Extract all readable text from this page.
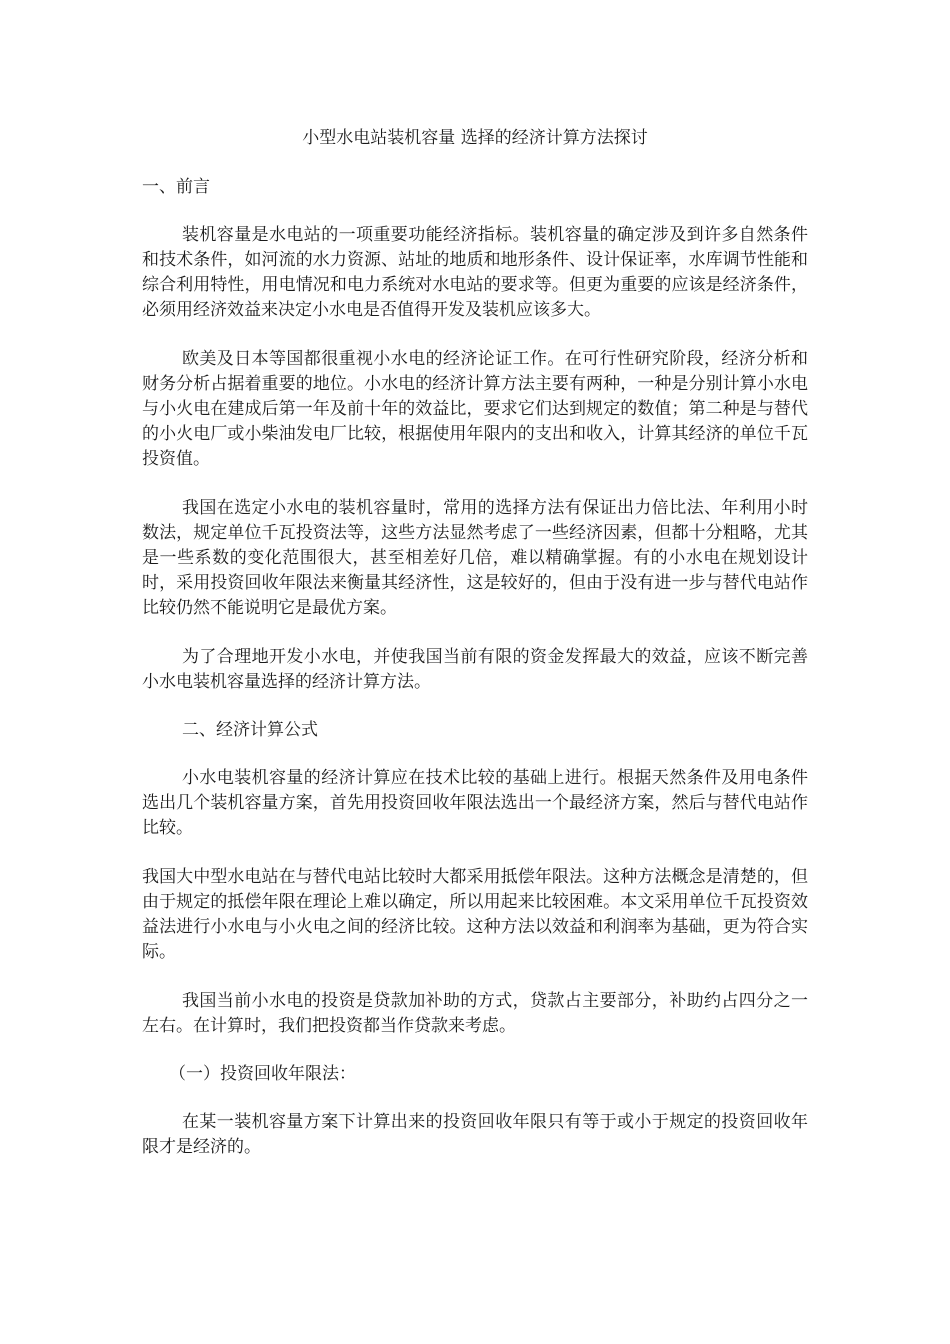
小型水电站装机容量 选择的经济计算方法探讨
一、前言

装机容量是水电站的一项重要功能经济指标。装机容量的确定涉及到许多自然条件和技术条件，如河流的水力资源、站址的地质和地形条件、设计保证率，水库调节性能和综合利用特性，用电情况和电力系统对水电站的要求等。但更为重要的应该是经济条件，必须用经济效益来决定小水电是否值得开发及装机应该多大。

欧美及日本等国都很重视小水电的经济论证工作。在可行性研究阶段，经济分析和财务分析占据着重要的地位。小水电的经济计算方法主要有两种，一种是分别计算小水电与小火电在建成后第一年及前十年的效益比，要求它们达到规定的数值；第二种是与替代的小火电厂或小柴油发电厂比较，根据使用年限内的支出和收入，计算其经济的单位千瓦投资值。

我国在选定小水电的装机容量时，常用的选择方法有保证出力倍比法、年利用小时数法，规定单位千瓦投资法等，这些方法显然考虑了一些经济因素，但都十分粗略，尤其是一些系数的变化范围很大，甚至相差好几倍，难以精确掌握。有的小水电在规划设计时，采用投资回收年限法来衡量其经济性，这是较好的，但由于没有进一步与替代电站作比较仍然不能说明它是最优方案。

为了合理地开发小水电，并使我国当前有限的资金发挥最大的效益，应该不断完善小水电装机容量选择的经济计算方法。

二、经济计算公式

小水电装机容量的经济计算应在技术比较的基础上进行。根据天然条件及用电条件选出几个装机容量方案，首先用投资回收年限法选出一个最经济方案，然后与替代电站作比较。

我国大中型水电站在与替代电站比较时大都采用抵偿年限法。这种方法概念是清楚的，但由于规定的抵偿年限在理论上难以确定，所以用起来比较困难。本文采用单位千瓦投资效益法进行小水电与小火电之间的经济比较。这种方法以效益和利润率为基础，更为符合实际。

我国当前小水电的投资是贷款加补助的方式，贷款占主要部分，补助约占四分之一左右。在计算时，我们把投资都当作贷款来考虑。

（一）投资回收年限法：

在某一装机容量方案下计算出来的投资回收年限只有等于或小于规定的投资回收年限才是经济的。
